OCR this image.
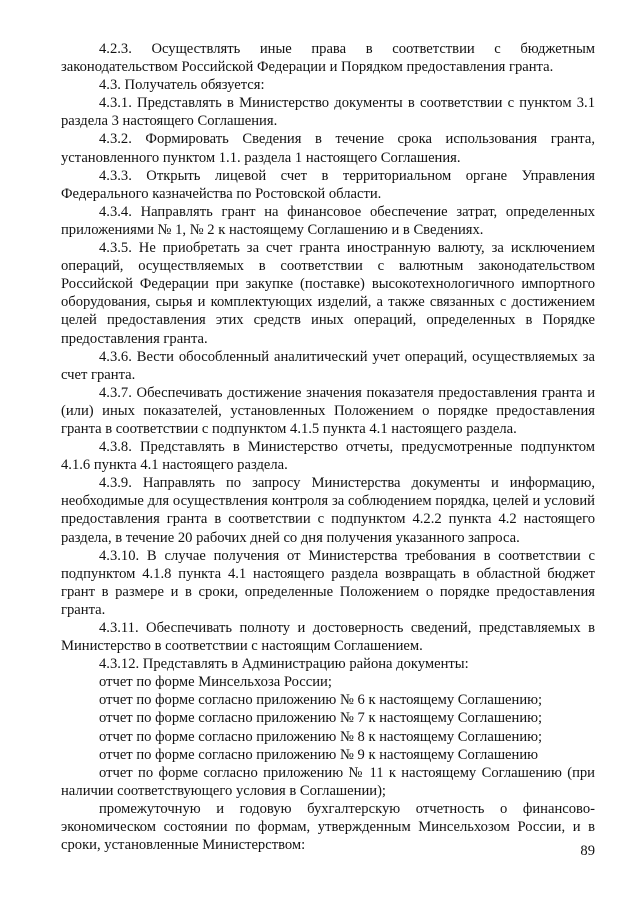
4.2.3. Осуществлять иные права в соответствии с бюджетным законодательством Российской Федерации и Порядком предоставления гранта.

4.3. Получатель обязуется:

4.3.1. Представлять в Министерство документы в соответствии с пунктом 3.1 раздела 3 настоящего Соглашения.

4.3.2. Формировать Сведения в течение срока использования гранта, установленного пунктом 1.1. раздела 1 настоящего Соглашения.

4.3.3. Открыть лицевой счет в территориальном органе Управления Федерального казначейства по Ростовской области.

4.3.4. Направлять грант на финансовое обеспечение затрат, определенных приложениями № 1, № 2 к настоящему Соглашению и в Сведениях.

4.3.5. Не приобретать за счет гранта иностранную валюту, за исключением операций, осуществляемых в соответствии с валютным законодательством Российской Федерации при закупке (поставке) высокотехнологичного импортного оборудования, сырья и комплектующих изделий, а также связанных с достижением целей предоставления этих средств иных операций, определенных в Порядке предоставления гранта.

4.3.6. Вести обособленный аналитический учет операций, осуществляемых за счет гранта.

4.3.7. Обеспечивать достижение значения показателя предоставления гранта и (или) иных показателей, установленных Положением о порядке предоставления гранта в соответствии с подпунктом 4.1.5 пункта 4.1 настоящего раздела.

4.3.8. Представлять в Министерство отчеты, предусмотренные подпунктом 4.1.6 пункта 4.1 настоящего раздела.

4.3.9. Направлять по запросу Министерства документы и информацию, необходимые для осуществления контроля за соблюдением порядка, целей и условий предоставления гранта в соответствии с подпунктом 4.2.2 пункта 4.2 настоящего раздела, в течение 20 рабочих дней со дня получения указанного запроса.

4.3.10. В случае получения от Министерства требования в соответствии с подпунктом 4.1.8 пункта 4.1 настоящего раздела возвращать в областной бюджет грант в размере и в сроки, определенные Положением о порядке предоставления гранта.

4.3.11. Обеспечивать полноту и достоверность сведений, представляемых в Министерство в соответствии с настоящим Соглашением.

4.3.12. Представлять в Администрацию района документы:

отчет по форме Минсельхоза России;

отчет по форме согласно приложению № 6 к настоящему Соглашению;

отчет по форме согласно приложению № 7 к настоящему Соглашению;

отчет по форме согласно приложению № 8 к настоящему Соглашению;

отчет по форме согласно приложению № 9 к настоящему Соглашению

отчет по форме согласно приложению № 11 к настоящему Соглашению (при наличии соответствующего условия в Соглашении);

промежуточную и годовую бухгалтерскую отчетность о финансово-экономическом состоянии по формам, утвержденным Минсельхозом России, и в сроки, установленные Министерством:	89
